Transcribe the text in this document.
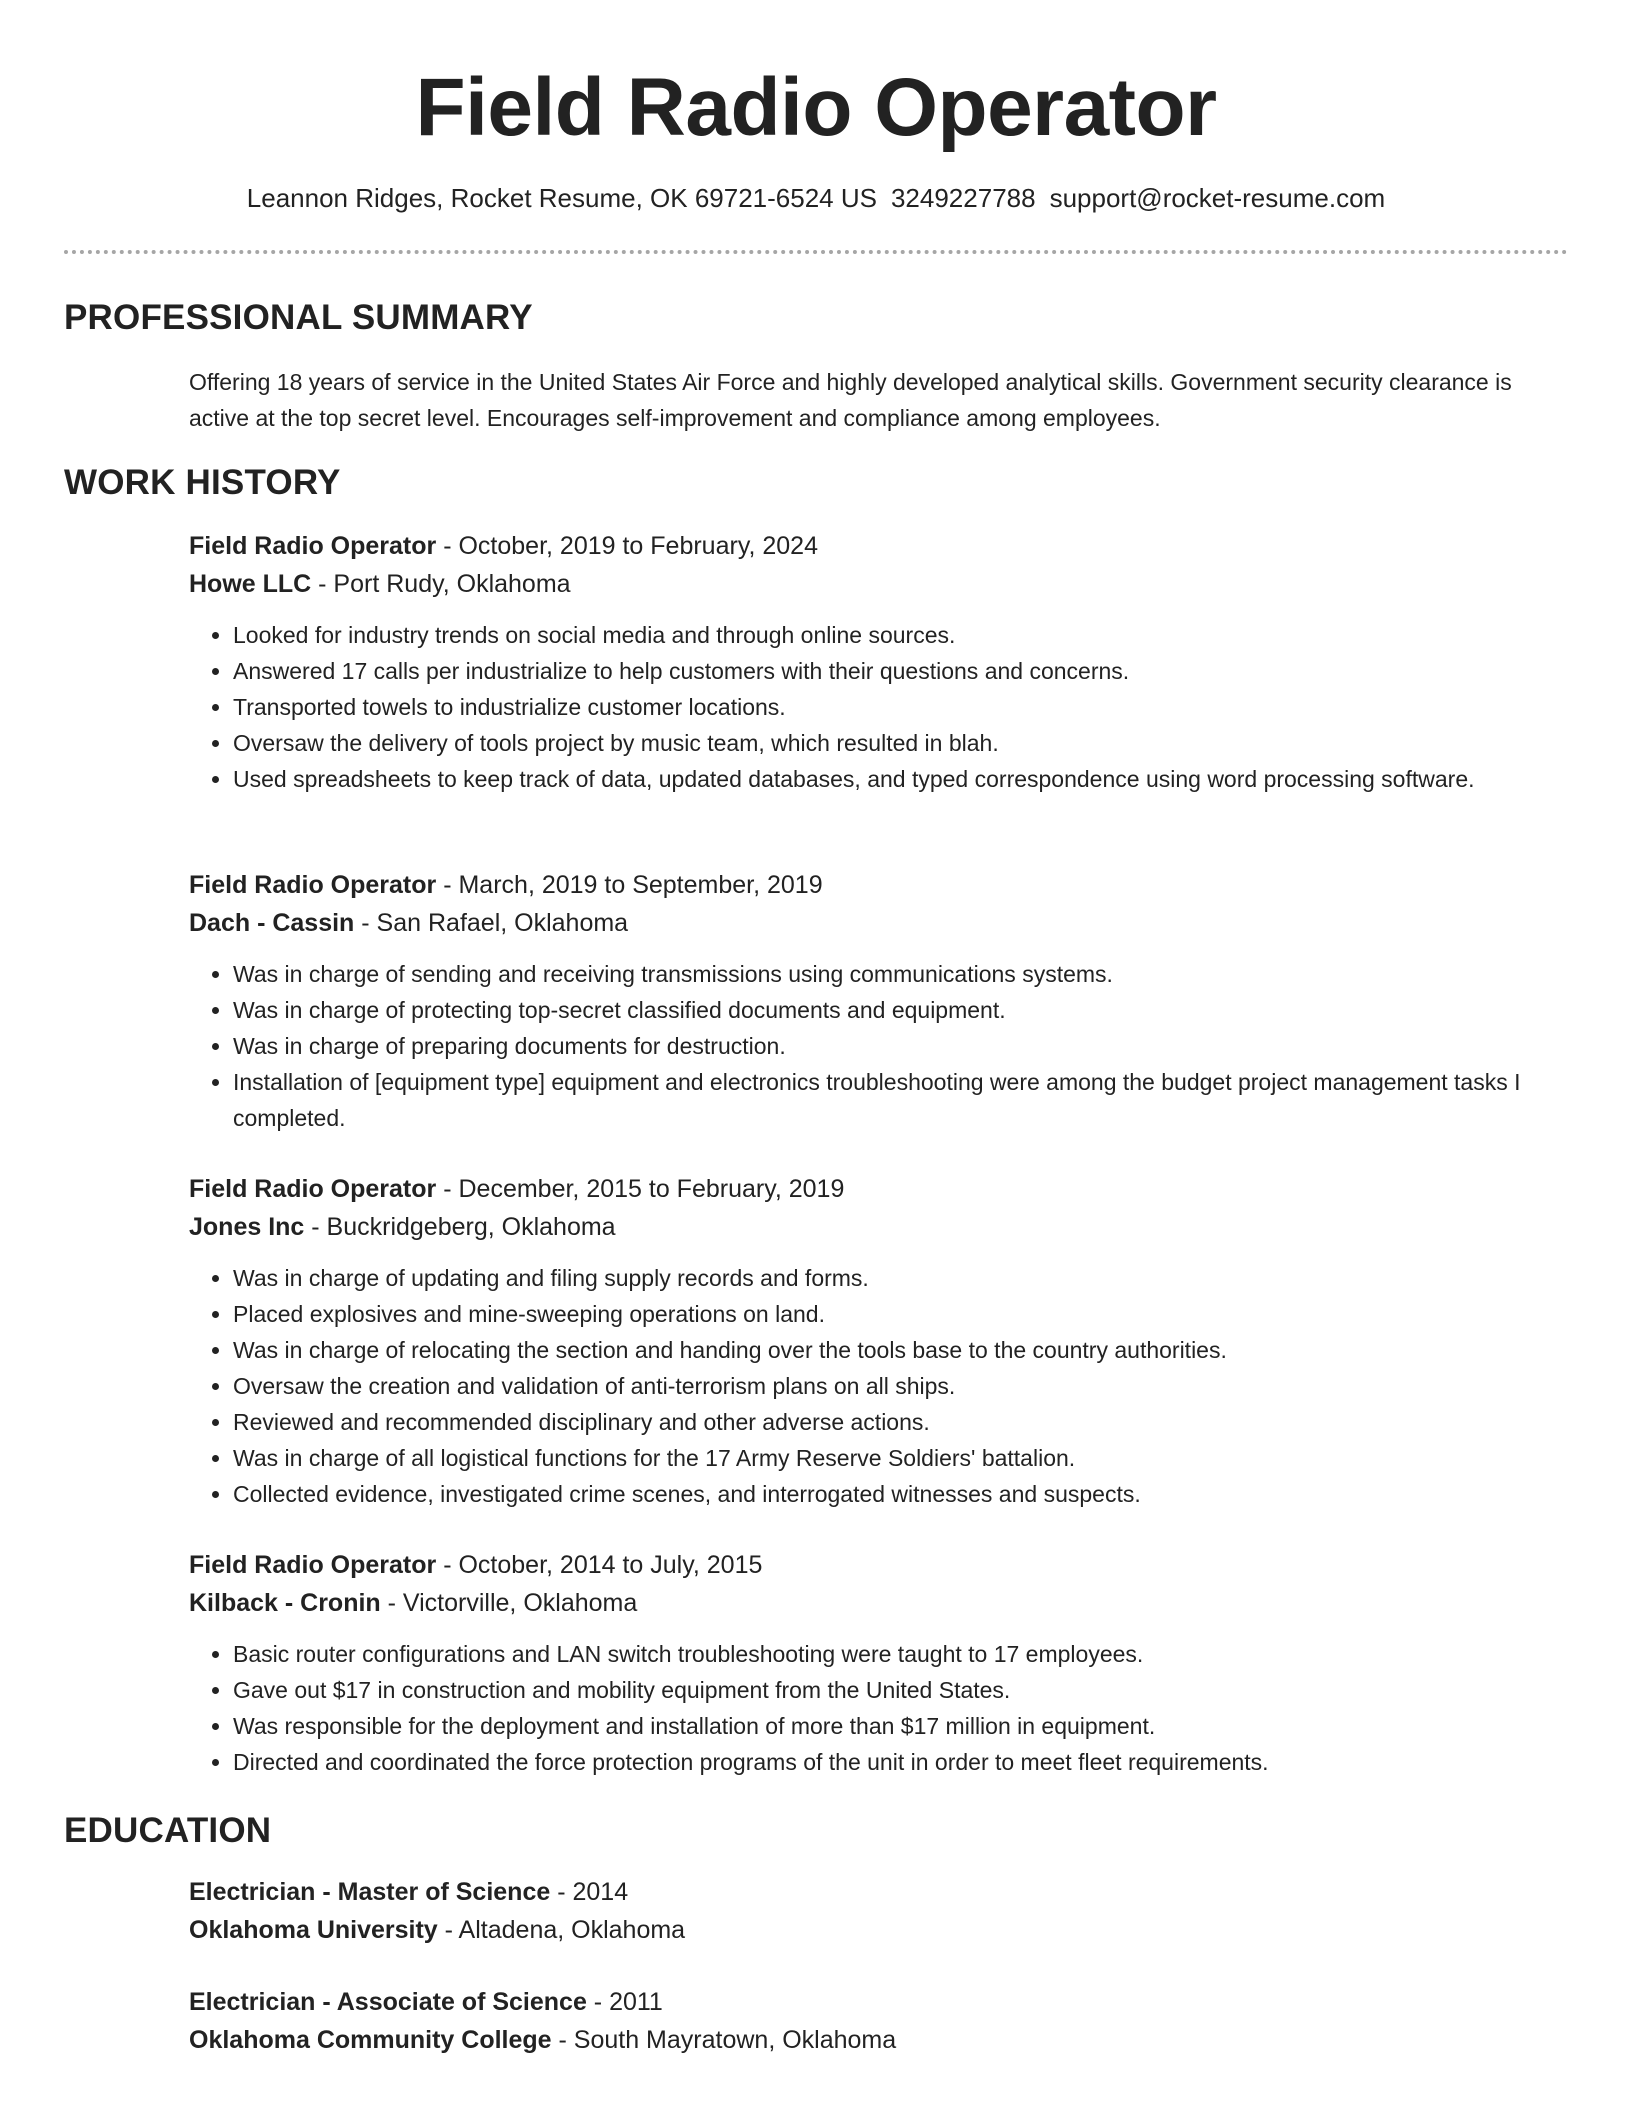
Field Radio Operator
Leannon Ridges, Rocket Resume, OK 69721-6524 US 3249227788 support@rocket-resume.com
PROFESSIONAL SUMMARY
Offering 18 years of service in the United States Air Force and highly developed analytical skills. Government security clearance is active at the top secret level. Encourages self-improvement and compliance among employees.
WORK HISTORY
Field Radio Operator - October, 2019 to February, 2024
Howe LLC - Port Rudy, Oklahoma
• Looked for industry trends on social media and through online sources.
• Answered 17 calls per industrialize to help customers with their questions and concerns.
• Transported towels to industrialize customer locations.
• Oversaw the delivery of tools project by music team, which resulted in blah.
• Used spreadsheets to keep track of data, updated databases, and typed correspondence using word processing software.
Field Radio Operator - March, 2019 to September, 2019
Dach - Cassin - San Rafael, Oklahoma
• Was in charge of sending and receiving transmissions using communications systems.
• Was in charge of protecting top-secret classified documents and equipment.
• Was in charge of preparing documents for destruction.
• Installation of [equipment type] equipment and electronics troubleshooting were among the budget project management tasks I completed.
Field Radio Operator - December, 2015 to February, 2019
Jones Inc - Buckridgeberg, Oklahoma
• Was in charge of updating and filing supply records and forms.
• Placed explosives and mine-sweeping operations on land.
• Was in charge of relocating the section and handing over the tools base to the country authorities.
• Oversaw the creation and validation of anti-terrorism plans on all ships.
• Reviewed and recommended disciplinary and other adverse actions.
• Was in charge of all logistical functions for the 17 Army Reserve Soldiers' battalion.
• Collected evidence, investigated crime scenes, and interrogated witnesses and suspects.
Field Radio Operator - October, 2014 to July, 2015
Kilback - Cronin - Victorville, Oklahoma
• Basic router configurations and LAN switch troubleshooting were taught to 17 employees.
• Gave out $17 in construction and mobility equipment from the United States.
• Was responsible for the deployment and installation of more than $17 million in equipment.
• Directed and coordinated the force protection programs of the unit in order to meet fleet requirements.
EDUCATION
Electrician - Master of Science - 2014
Oklahoma University - Altadena, Oklahoma
Electrician - Associate of Science - 2011
Oklahoma Community College - South Mayratown, Oklahoma
